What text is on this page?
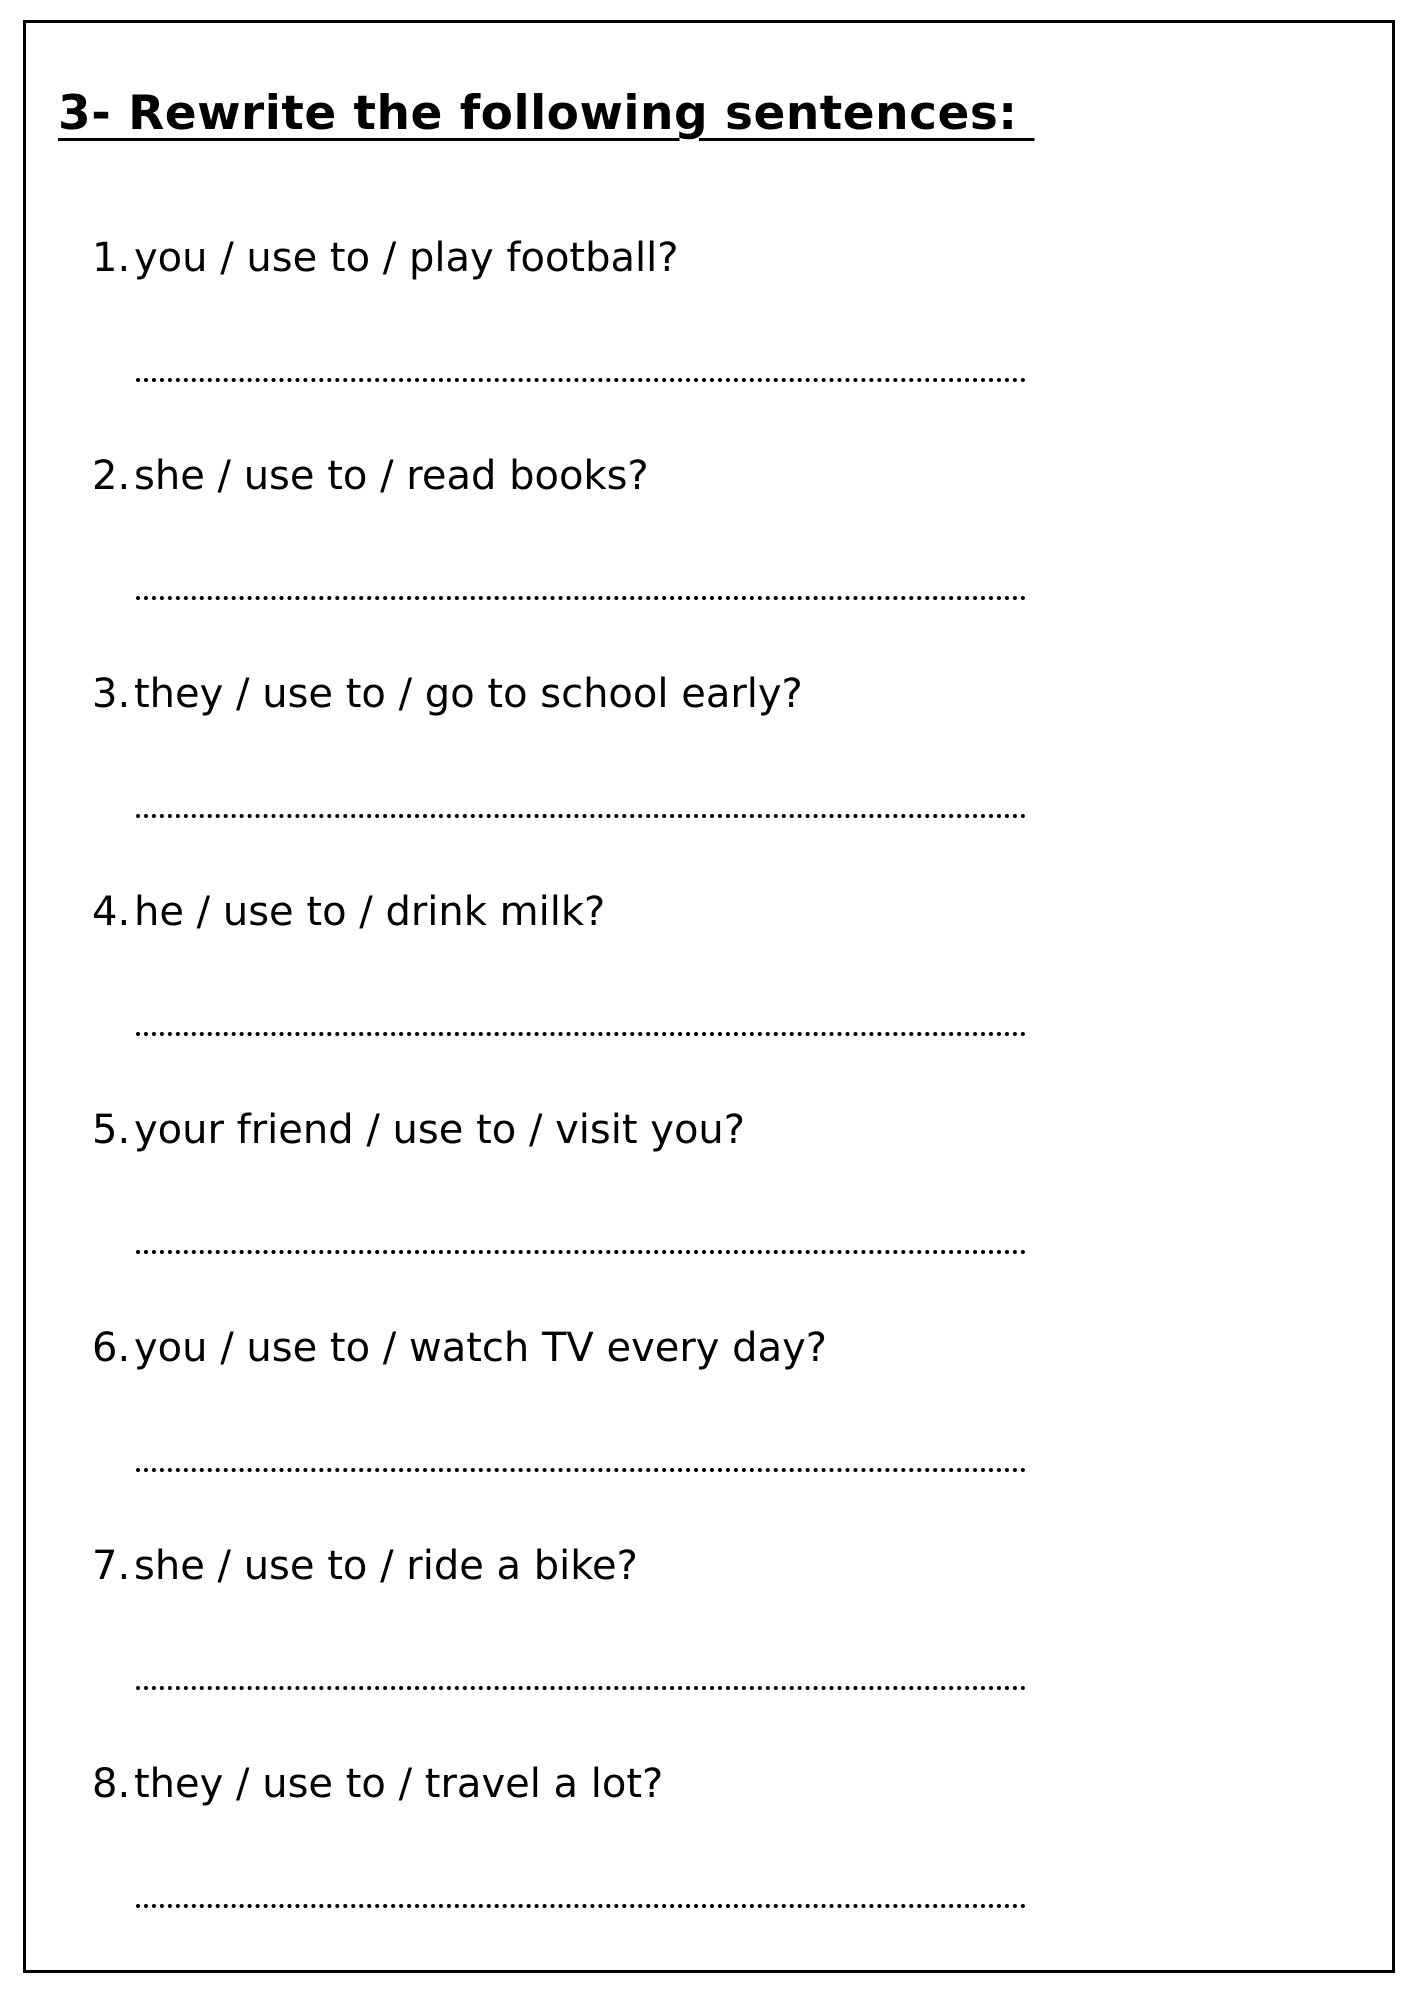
3- Rewrite the following sentences:
1.you / use to / play football?
2.she / use to / read books?
3.they / use to / go to school early?
4.he / use to / drink milk?
5.your friend / use to / visit you?
6.you / use to / watch TV every day?
7.she / use to / ride a bike?
8.they / use to / travel a lot?
